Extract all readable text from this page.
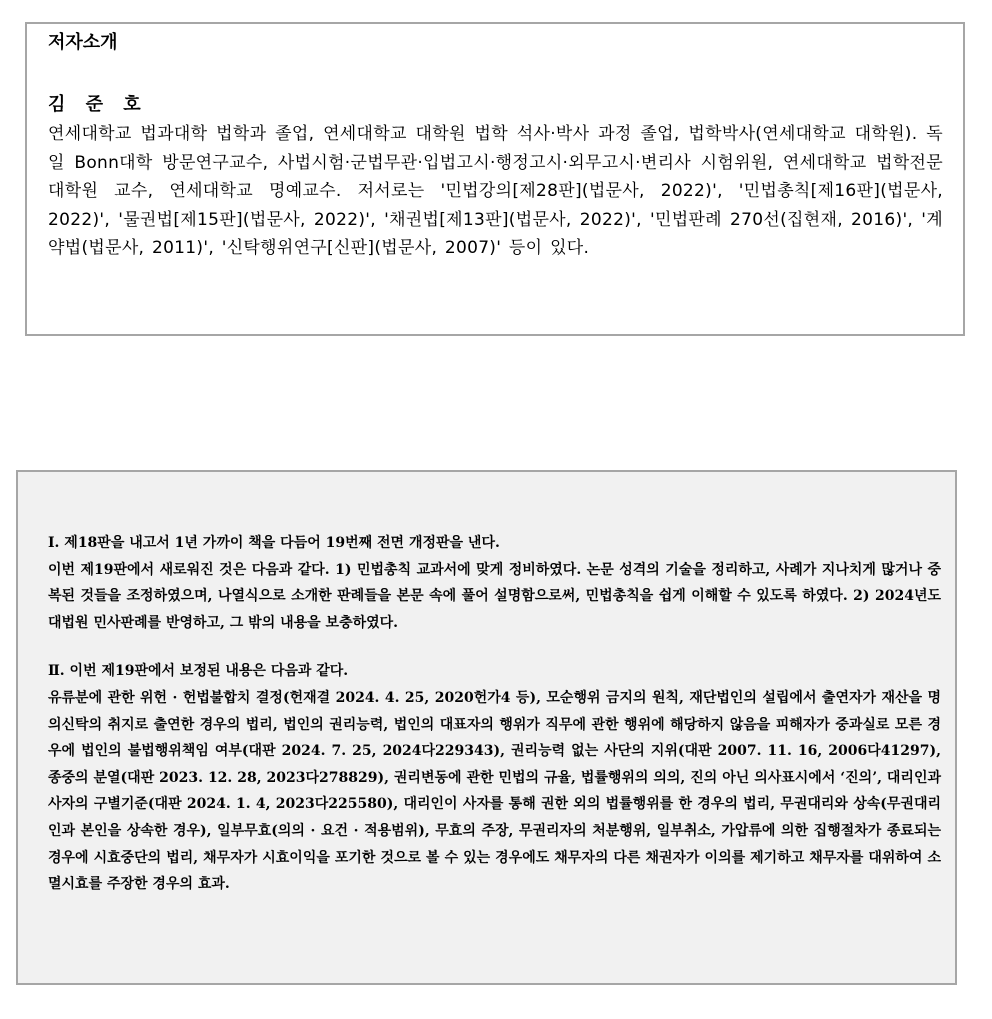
저자소개

김 준 호

연세대학교 법과대학 법학과 졸업, 연세대학교 대학원 법학 석사·박사 과정 졸업, 법학박사(연세대학교 대학원). 독일 Bonn대학 방문연구교수, 사법시험·군법무관·입법고시·행정고시·외무고시·변리사 시험위원, 연세대학교 법학전문대학원 교수, 연세대학교 명예교수. 저서로는 '민법강의[제28판](법문사, 2022)', '민법총칙[제16판](법문사, 2022)', '물권법[제15판](법문사, 2022)', '채권법[제13판](법문사, 2022)', '민법판례 270선(집현재, 2016)', '계약법(법문사, 2011)', '신탁행위연구[신판](법문사, 2007)' 등이 있다.

Ⅰ. 제18판을 내고서 1년 가까이 책을 다듬어 19번째 전면 개정판을 낸다.
이번 제19판에서 새로워진 것은 다음과 같다. 1) 민법총칙 교과서에 맞게 정비하였다. 논문 성격의 기술을 정리하고, 사례가 지나치게 많거나 중복된 것들을 조정하였으며, 나열식으로 소개한 판례들을 본문 속에 풀어 설명함으로써, 민법총칙을 쉽게 이해할 수 있도록 하였다. 2) 2024년도 대법원 민사판례를 반영하고, 그 밖의 내용을 보충하였다.

Ⅱ. 이번 제19판에서 보정된 내용은 다음과 같다.
유류분에 관한 위헌 · 헌법불합치 결정(헌재결 2024. 4. 25, 2020헌가4 등), 모순행위 금지의 원칙, 재단법인의 설립에서 출연자가 재산을 명의신탁의 취지로 출연한 경우의 법리, 법인의 권리능력, 법인의 대표자의 행위가 직무에 관한 행위에 해당하지 않음을 피해자가 중과실로 모른 경우에 법인의 불법행위책임 여부(대판 2024. 7. 25, 2024다229343), 권리능력 없는 사단의 지위(대판 2007. 11. 16, 2006다41297), 종중의 분열(대판 2023. 12. 28, 2023다278829), 권리변동에 관한 민법의 규율, 법률행위의 의의, 진의 아닌 의사표시에서 ‘진의’, 대리인과 사자의 구별기준(대판 2024. 1. 4, 2023다225580), 대리인이 사자를 통해 권한 외의 법률행위를 한 경우의 법리, 무권대리와 상속(무권대리인과 본인을 상속한 경우), 일부무효(의의 · 요건 · 적용범위), 무효의 주장, 무권리자의 처분행위, 일부취소, 가압류에 의한 집행절차가 종료되는 경우에 시효중단의 법리, 채무자가 시효이익을 포기한 것으로 볼 수 있는 경우에도 채무자의 다른 채권자가 이의를 제기하고 채무자를 대위하여 소멸시효를 주장한 경우의 효과.
